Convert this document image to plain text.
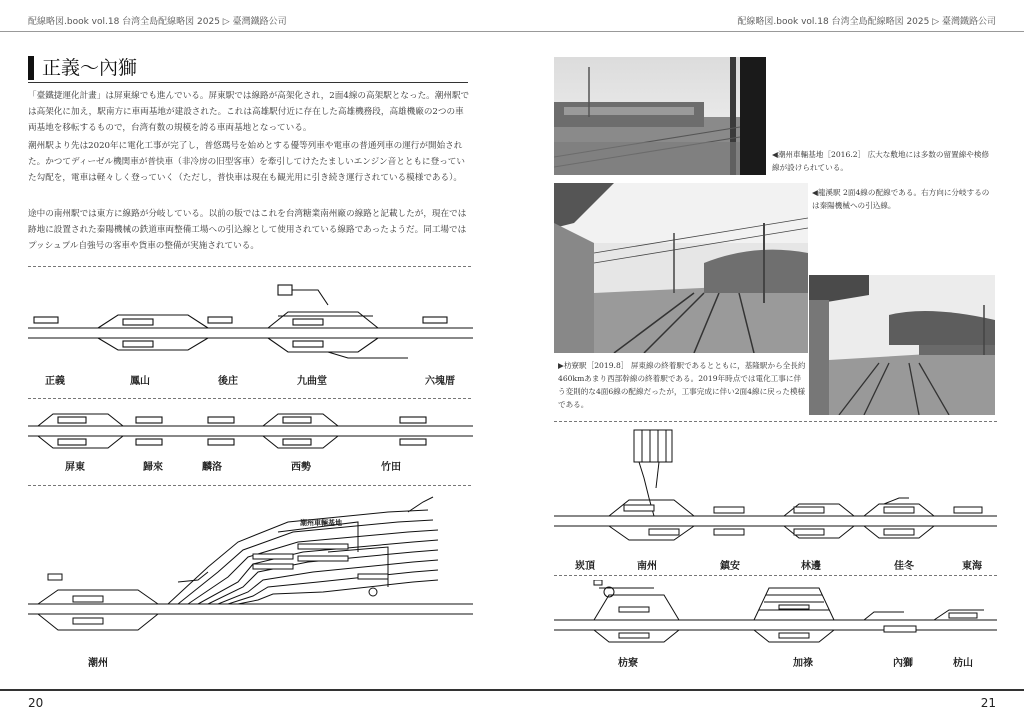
配線略図.book vol.18 台湾全島配線略図 2025 ▷ 臺灣鐵路公司	配線略図.book vol.18 台湾全島配線略図 2025 ▷ 臺灣鐵路公司
正義～內獅

「臺鐵捷運化計畫」は屏東線でも進んでいる。屏東駅では線路が高架化され，2面4線の高架駅となった。潮州駅では高架化に加え，駅南方に車両基地が建設された。これは高雄駅付近に存在した高雄機務段，高雄機廠の2つの車両基地を移転するもので，台湾有数の規模を誇る車両基地となっている。

潮州駅より先は2020年に電化工事が完了し，普悠瑪号を始めとする優等列車や電車の普通列車の運行が開始された。かつてディーゼル機関車が普快車（非冷房の旧型客車）を牽引してけたたましいエンジン音とともに登っていた勾配を，電車は軽々しく登っていく（ただし，普快車は現在も観光用に引き続き運行されている模様である）。

途中の南州駅では東方に線路が分岐している。以前の版ではこれを台湾糖業南州廠の線路と記載したが，現在では跡地に設置された秦陽機械の鉄道車両整備工場への引込線として使用されている線路であったようだ。同工場ではプッシュプル自強号の客車や貨車の整備が実施されている。

正義	鳳山	後庄	九曲堂	六塊厝
屏東	歸來	麟洛	西勢	竹田
潮州車輛基地
潮州
20
◀潮州車輛基地［2016.2］ 広大な敷地には多数の留置線や検修線が設けられている。
◀龍溪駅 2面4線の配線である。右方向に分岐するのは秦陽機械への引込線。
▶枋寮駅［2019.8］ 屏東線の終着駅であるとともに，基隆駅から全長約460kmあまり西部幹線の終着駅である。2019年時点では電化工事に伴う変則的な4面6線の配線だったが，工事完成に伴い2面4線に戻った模様である。
崁頂	南州	鎮安	林邊	佳冬	東海
枋寮	加祿	內獅	枋山
21
